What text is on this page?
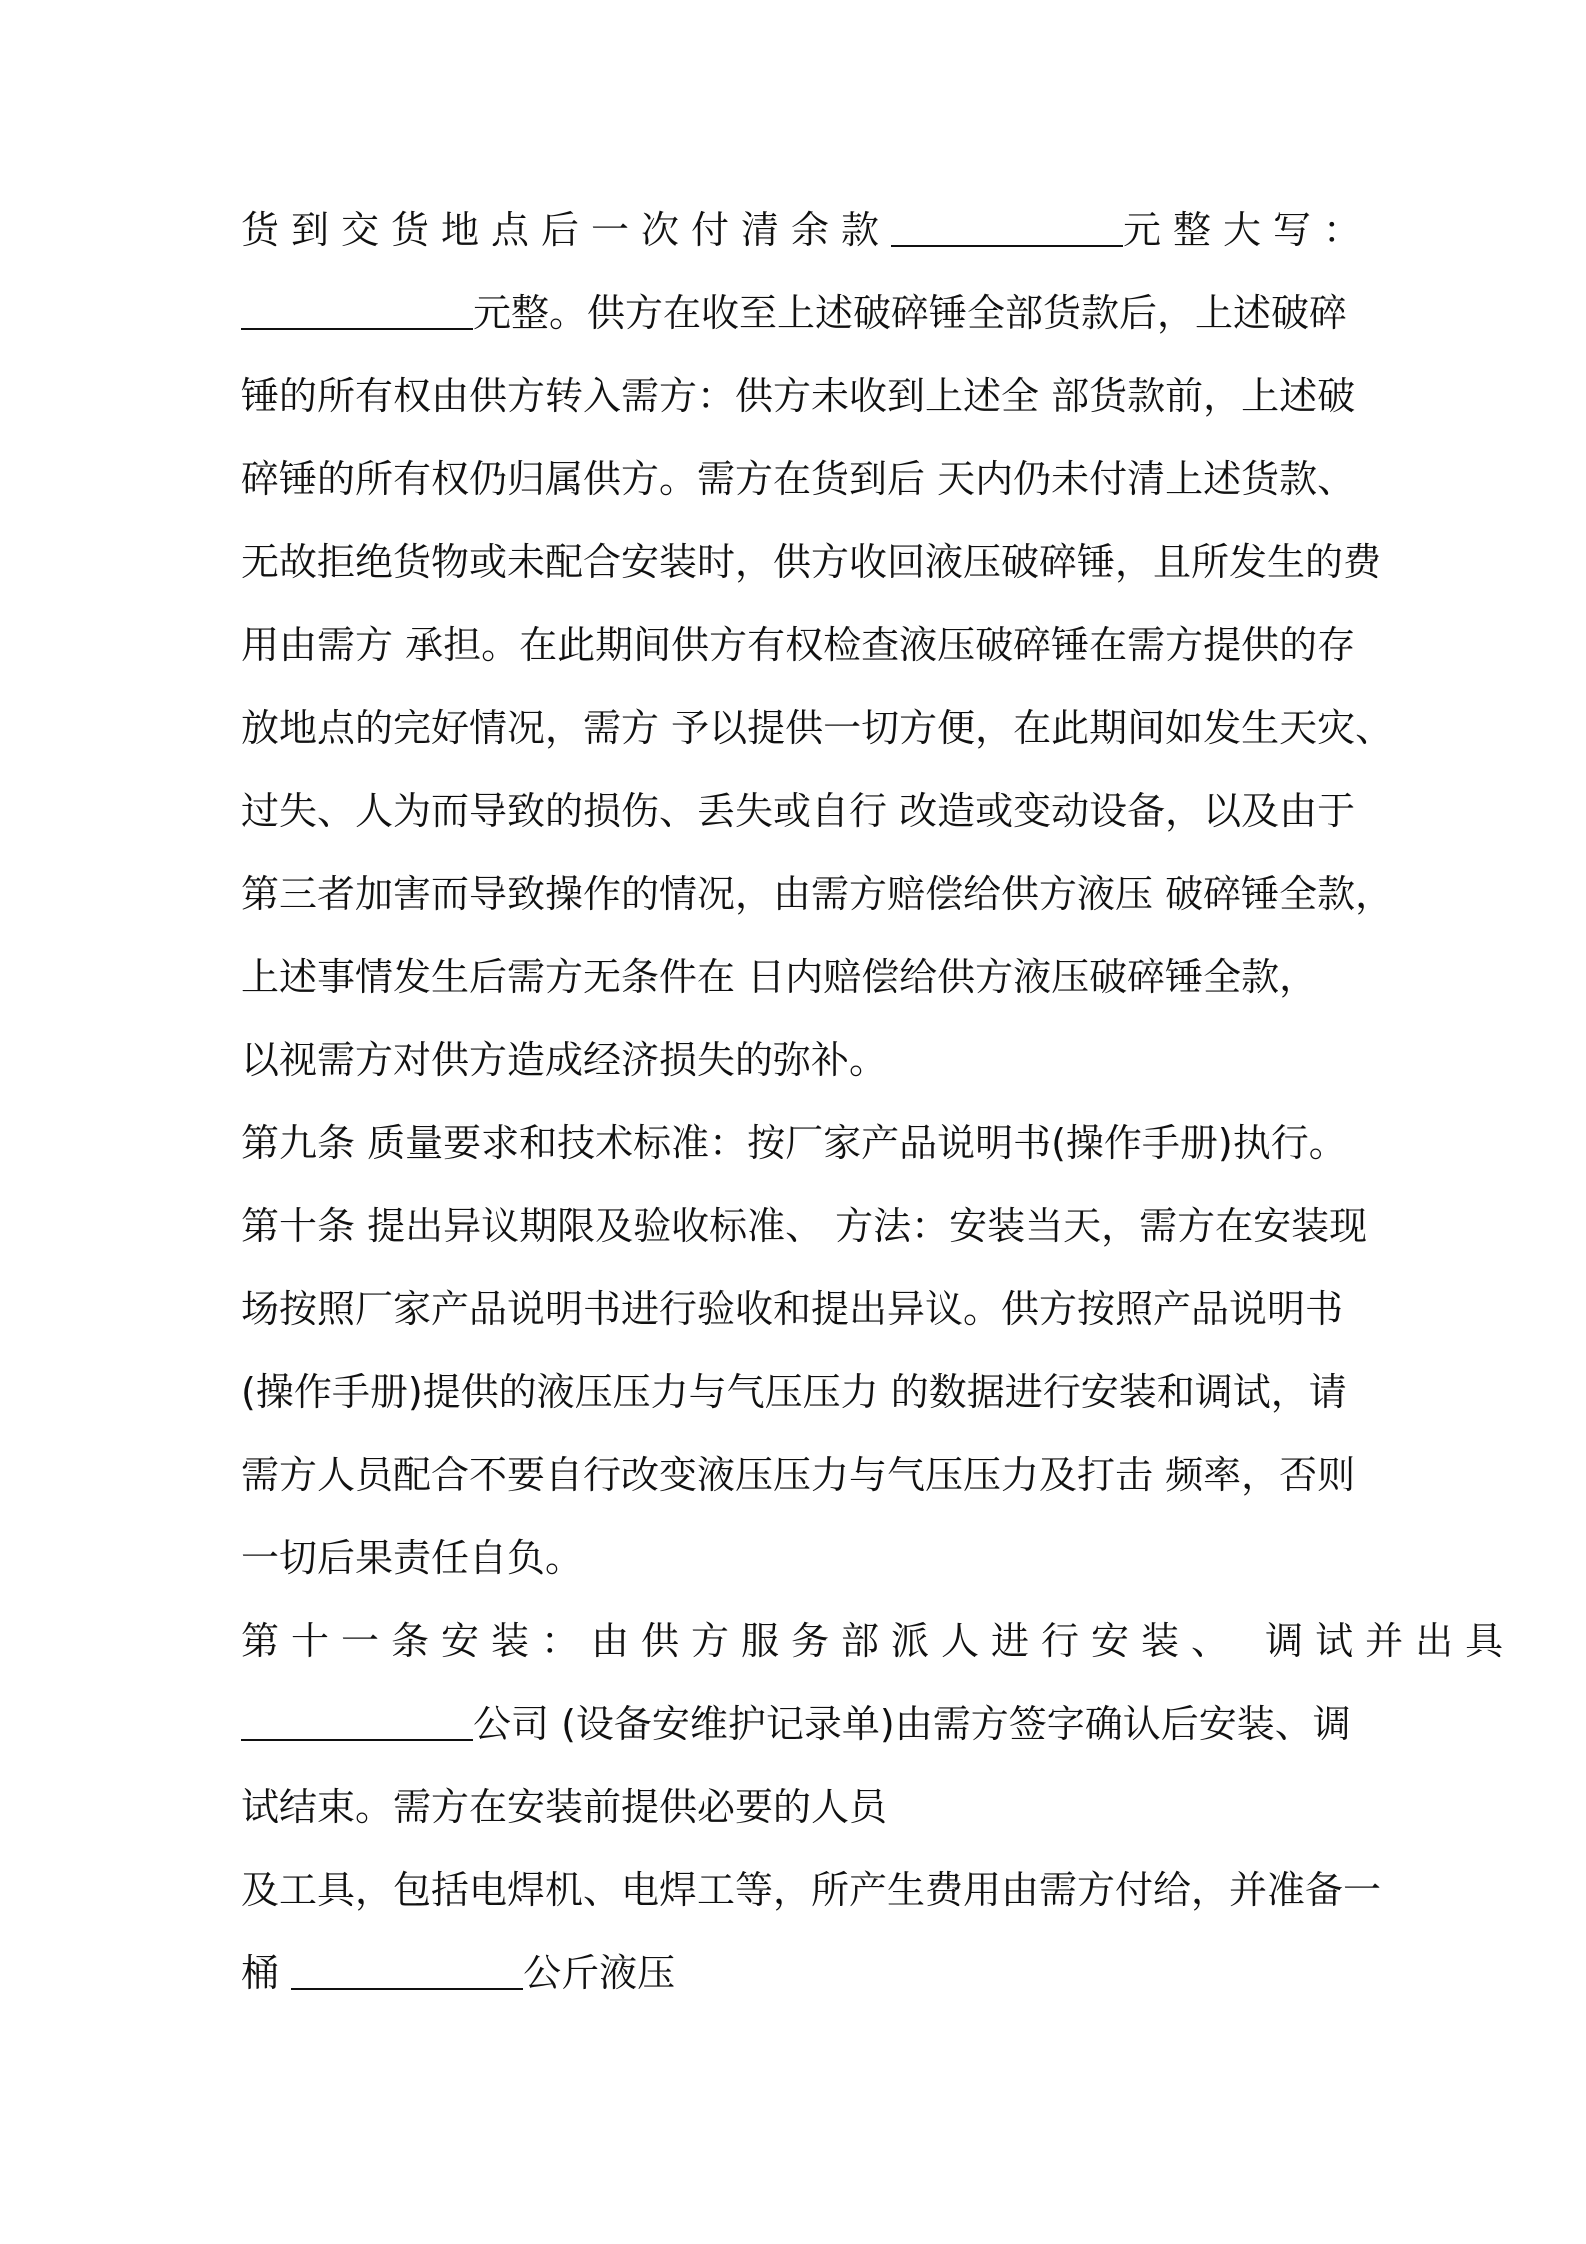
货到交货地点后一次付清余款	元整大写：
元整。供方在收至上述破碎锤全部货款后，上述破碎
锤的所有权由供方转入需方：供方未收到上述全 部货款前，上述破
碎锤的所有权仍归属供方。需方在货到后 天内仍未付清上述货款、
无故拒绝货物或未配合安装时，供方收回液压破碎锤，且所发生的费
用由需方 承担。在此期间供方有权检查液压破碎锤在需方提供的存
放地点的完好情况，需方 予以提供一切方便，在此期间如发生天灾、
过失、人为而导致的损伤、丢失或自行 改造或变动设备，以及由于
第三者加害而导致操作的情况，由需方赔偿给供方液压 破碎锤全款，
上述事情发生后需方无条件在 日内赔偿给供方液压破碎锤全款，
以视需方对供方造成经济损失的弥补。
第九条 质量要求和技术标准：按厂家产品说明书(操作手册)执行。
第十条 提出异议期限及验收标准、 方法：安装当天，需方在安装现
场按照厂家产品说明书进行验收和提出异议。供方按照产品说明书
(操作手册)提供的液压压力与气压压力 的数据进行安装和调试，请
需方人员配合不要自行改变液压压力与气压压力及打击 频率，否则
一切后果责任自负。
第十一条安装：由供方服务部派人进行安装、 调试并出具
公司 (设备安维护记录单)由需方签字确认后安装、调
试结束。需方在安装前提供必要的人员
及工具，包括电焊机、电焊工等，所产生费用由需方付给，并准备一
桶	公斤液压
